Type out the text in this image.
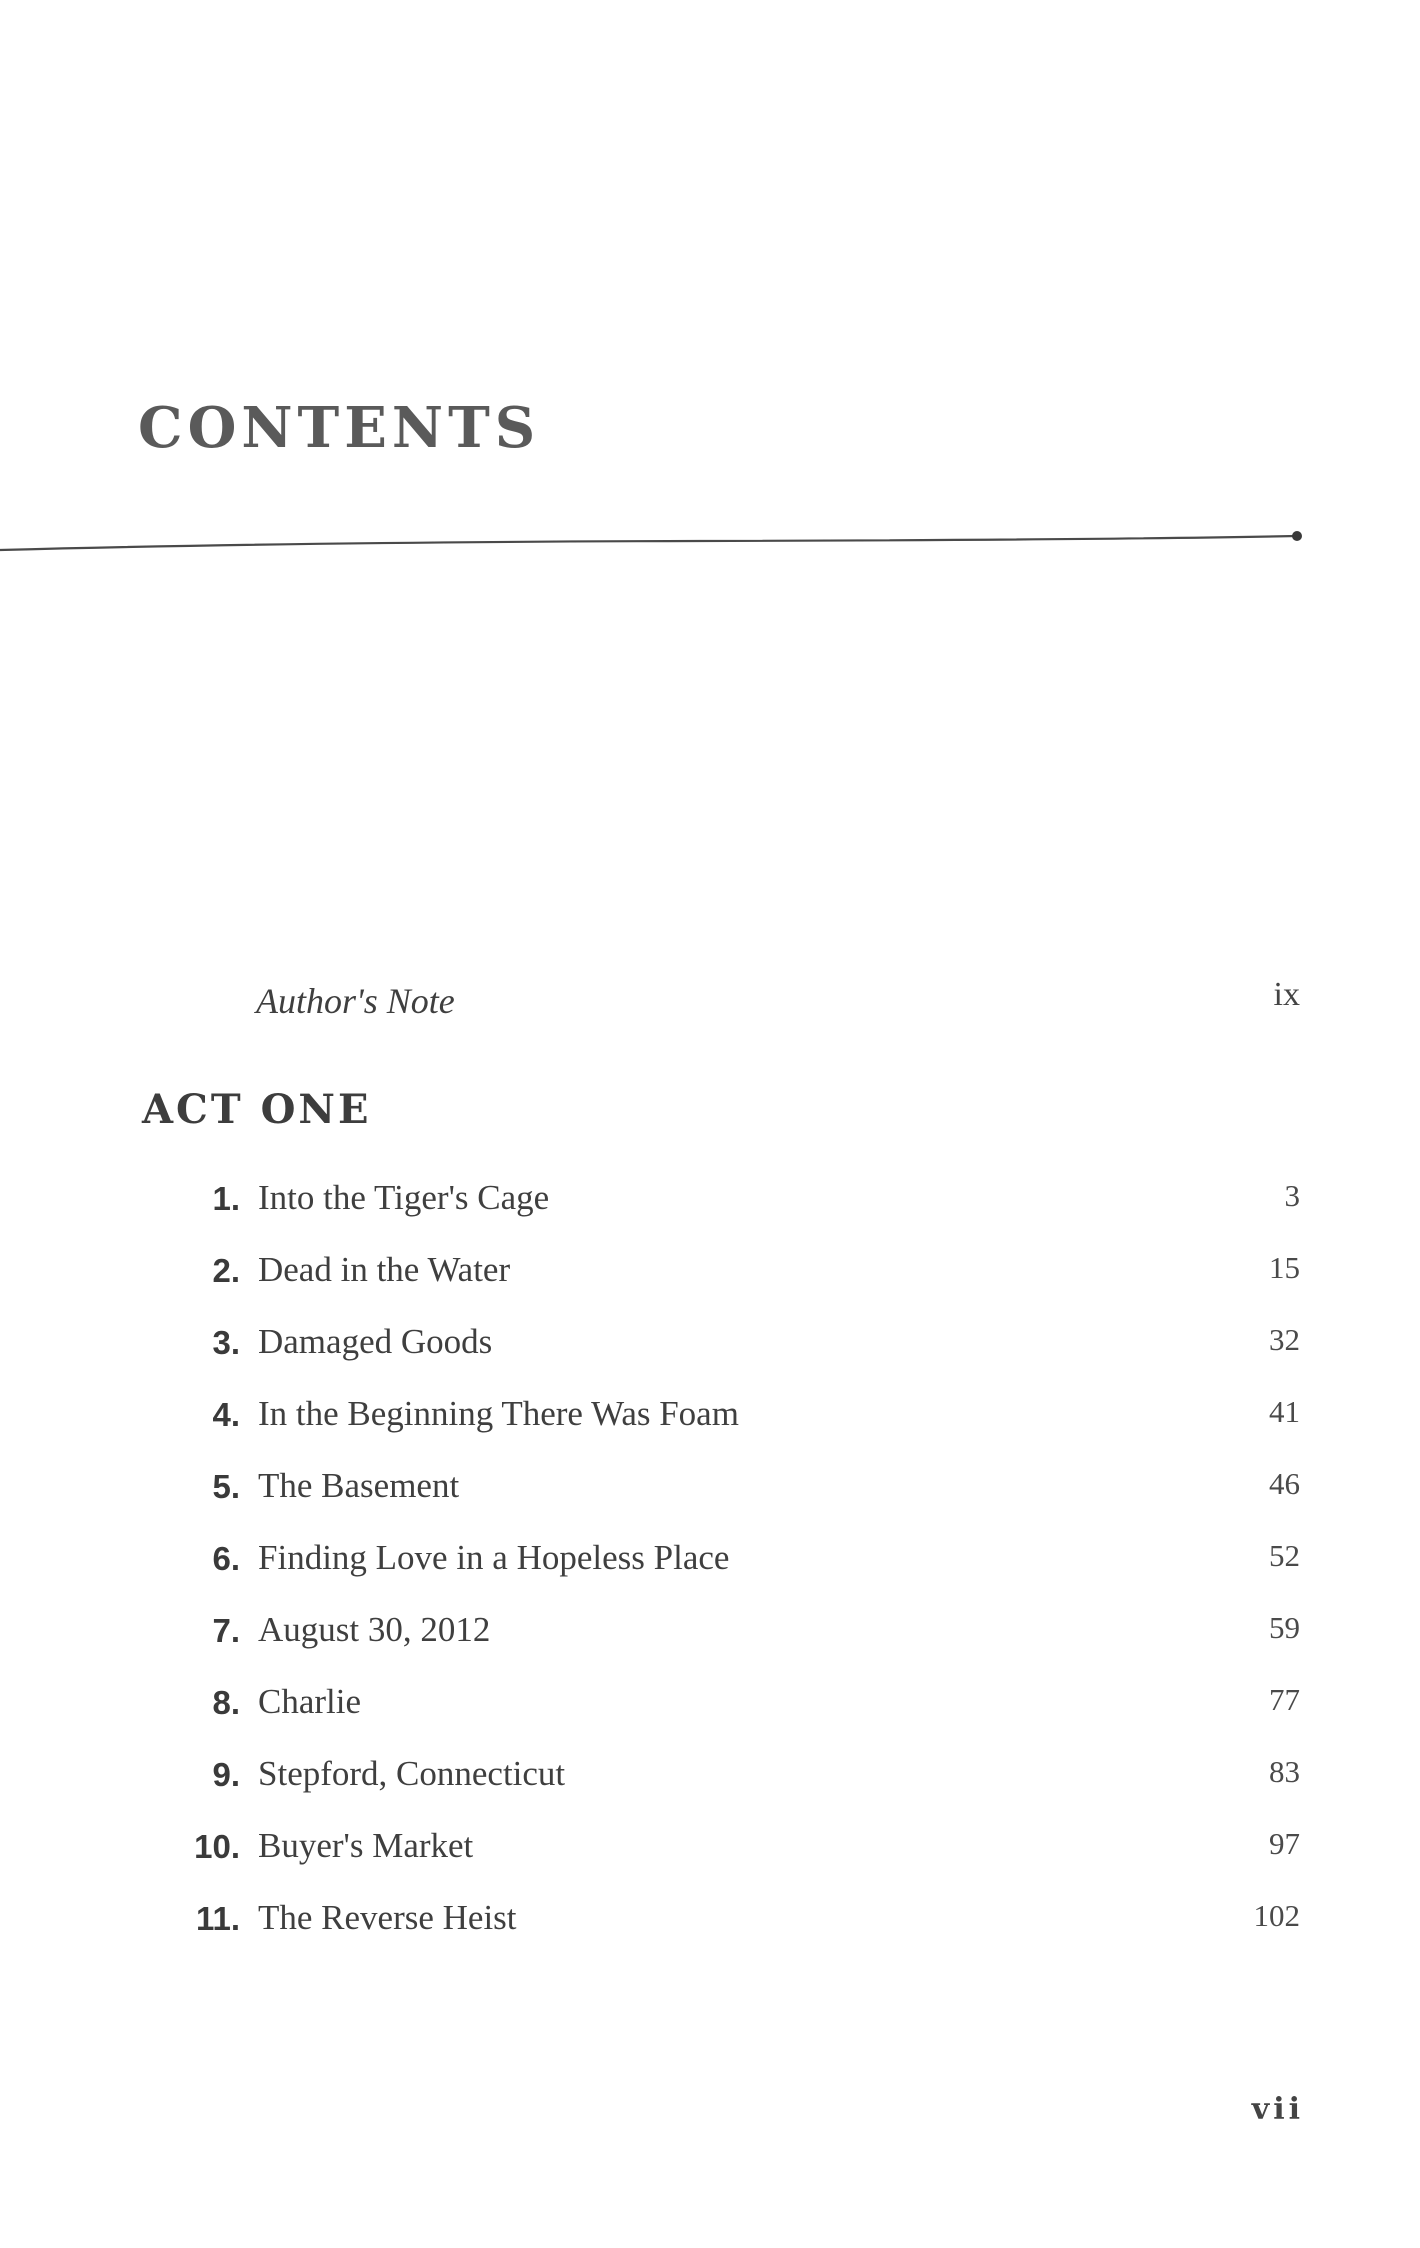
CONTENTS
Author's Note	ix
ACT ONE
1. Into the Tiger's Cage	3
2. Dead in the Water	15
3. Damaged Goods	32
4. In the Beginning There Was Foam	41
5. The Basement	46
6. Finding Love in a Hopeless Place	52
7. August 30, 2012	59
8. Charlie	77
9. Stepford, Connecticut	83
10. Buyer's Market	97
11. The Reverse Heist	102
vii
